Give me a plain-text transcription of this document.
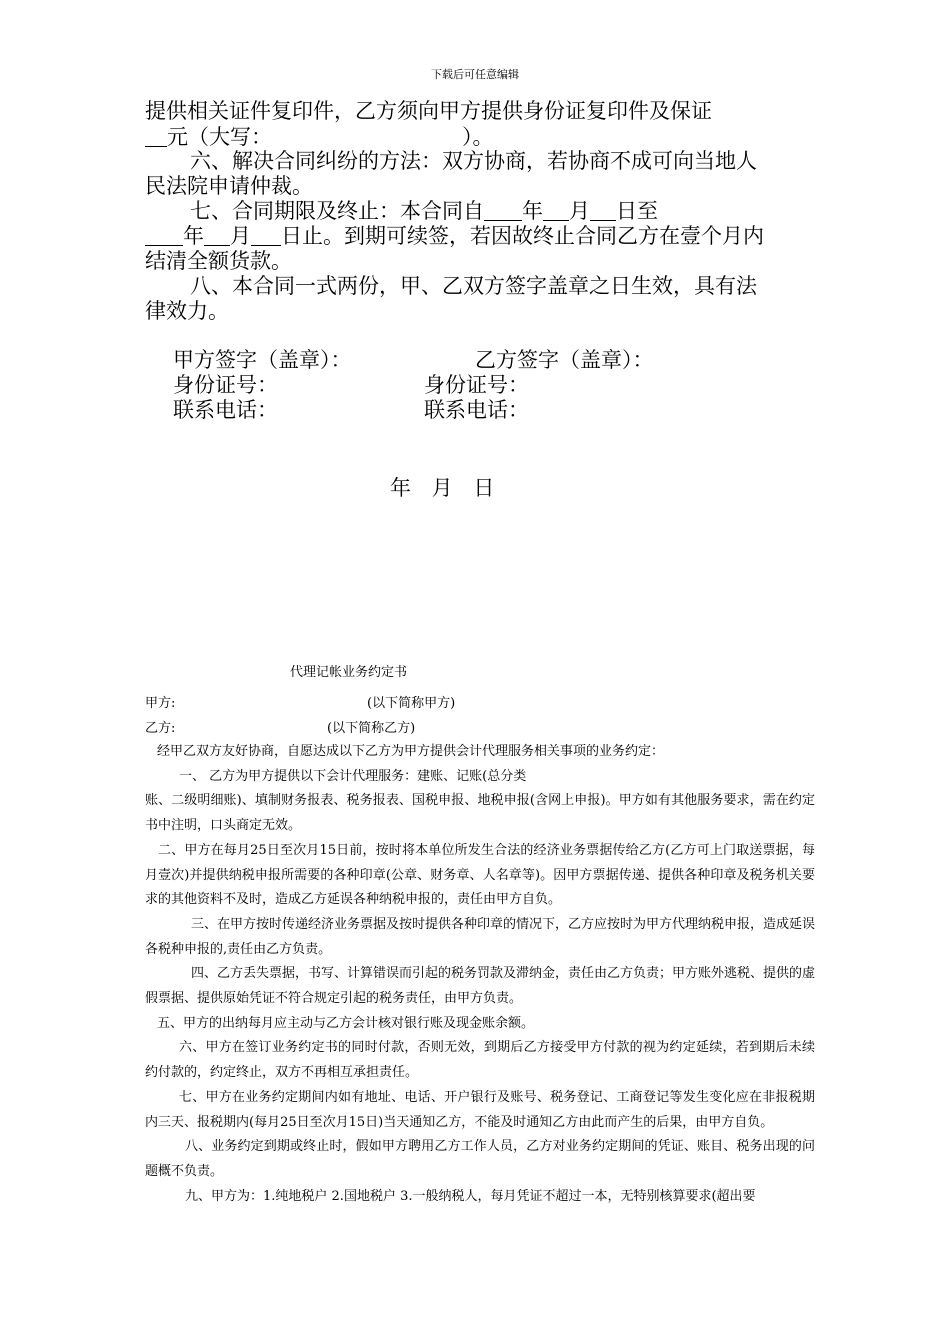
下载后可任意编辑
提供相关证件复印件，乙方须向甲方提供身份证复印件及保证
元（大写：	）。
六、解决合同纠纷的方法：双方协商，若协商不成可向当地人
民法院申请仲裁。
七、合同期限及终止：本合同自 年 月 日至
年 月 日止。到期可续签，若因故终止合同乙方在壹个月内
结清全额货款。
八、本合同一式两份，甲、乙双方签字盖章之日生效，具有法
律效力。
甲方签字（盖章）：	乙方签字（盖章）：
身份证号：	身份证号：
联系电话：	联系电话：
年 月 日
代理记帐业务约定书
甲方:	(以下简称甲方)
乙方:	(以下简称乙方)

经甲乙双方友好协商，自愿达成以下乙方为甲方提供会计代理服务相关事项的业务约定：

一、 乙方为甲方提供以下会计代理服务：建账、记账(总分类

账、二级明细账)、填制财务报表、税务报表、国税申报、地税申报(含网上申报)。甲方如有其他服务要求，需在约定书中注明，口头商定无效。

二、甲方在每月25日至次月15日前，按时将本单位所发生合法的经济业务票据传给乙方(乙方可上门取送票据，每月壹次)并提供纳税申报所需要的各种印章(公章、财务章、人名章等)。因甲方票据传递、提供各种印章及税务机关要求的其他资料不及时，造成乙方延误各种纳税申报的，责任由甲方自负。

三、在甲方按时传递经济业务票据及按时提供各种印章的情况下，乙方应按时为甲方代理纳税申报，造成延误各税种申报的,责任由乙方负责。

四、乙方丢失票据，书写、计算错误而引起的税务罚款及滞纳金，责任由乙方负责；甲方账外逃税、提供的虚假票据、提供原始凭证不符合规定引起的税务责任，由甲方负责。

五、甲方的出纳每月应主动与乙方会计核对银行账及现金账余额。

六、甲方在签订业务约定书的同时付款，否则无效，到期后乙方接受甲方付款的视为约定延续，若到期后未续约付款的，约定终止，双方不再相互承担责任。

七、甲方在业务约定期间内如有地址、电话、开户银行及账号、税务登记、工商登记等发生变化应在非报税期内三天、报税期内(每月25日至次月15日)当天通知乙方，不能及时通知乙方由此而产生的后果，由甲方自负。

八、业务约定到期或终止时，假如甲方聘用乙方工作人员，乙方对业务约定期间的凭证、账目、税务出现的问题概不负责。

九、甲方为：1.纯地税户 2.国地税户 3.一般纳税人，每月凭证不超过一本，无特别核算要求(超出要
